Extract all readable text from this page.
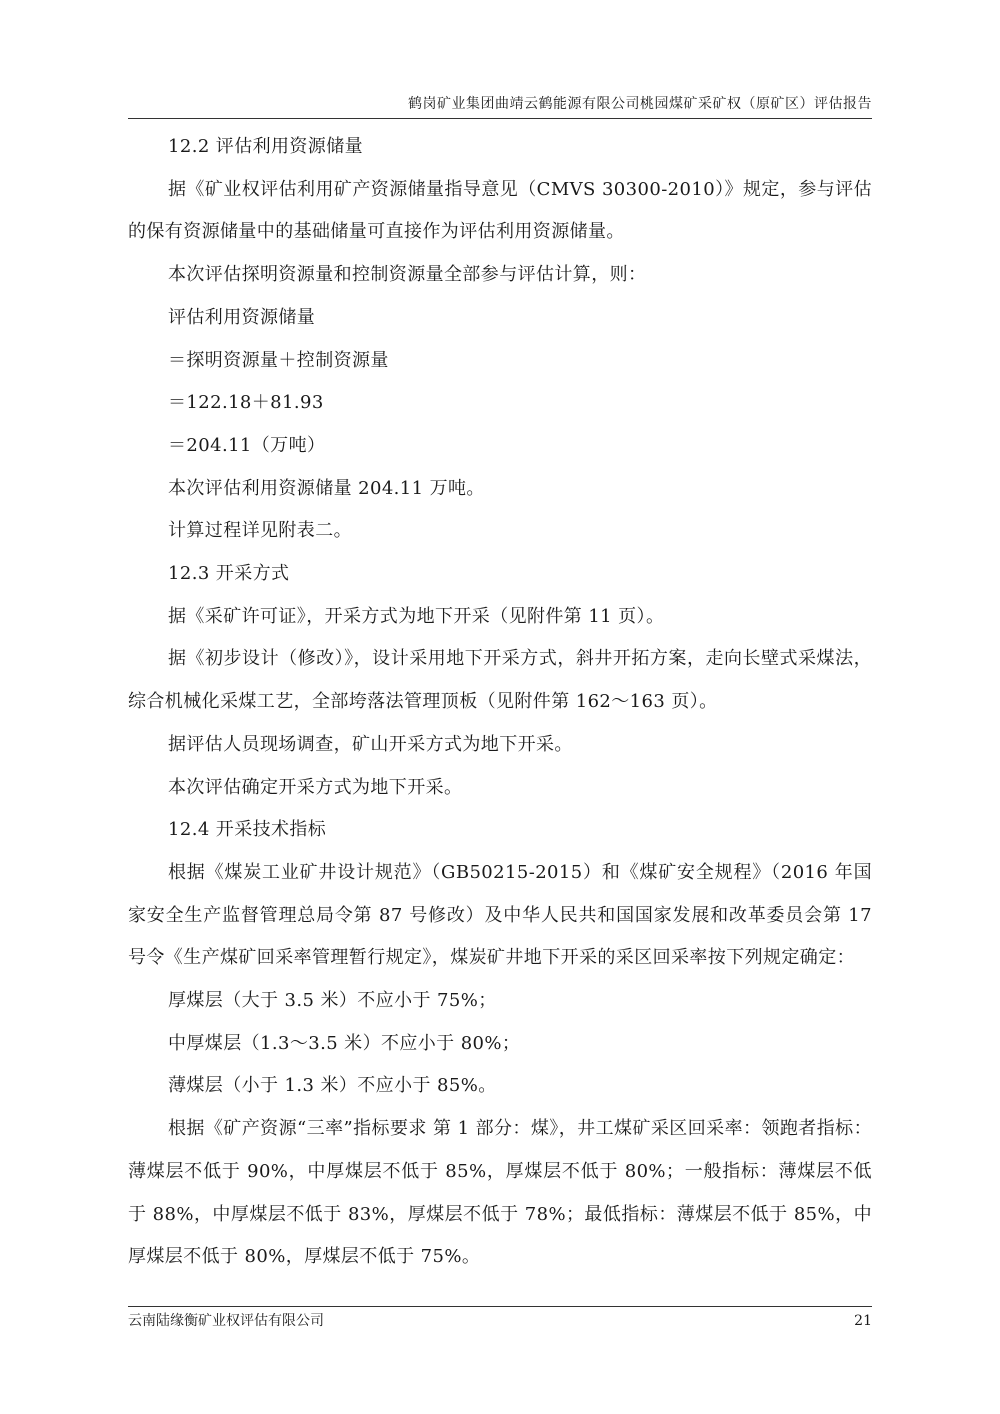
鹤岗矿业集团曲靖云鹤能源有限公司桃园煤矿采矿权（原矿区）评估报告

12.2 评估利用资源储量

据《矿业权评估利用矿产资源储量指导意见（CMVS 30300-2010）》规定，参与评估的保有资源储量中的基础储量可直接作为评估利用资源储量。

本次评估探明资源量和控制资源量全部参与评估计算，则：

评估利用资源储量

＝探明资源量＋控制资源量

＝122.18＋81.93

＝204.11（万吨）

本次评估利用资源储量 204.11 万吨。

计算过程详见附表二。

12.3 开采方式

据《采矿许可证》，开采方式为地下开采（见附件第 11 页）。

据《初步设计（修改）》，设计采用地下开采方式，斜井开拓方案，走向长壁式采煤法，综合机械化采煤工艺，全部垮落法管理顶板（见附件第 162～163 页）。

据评估人员现场调查，矿山开采方式为地下开采。

本次评估确定开采方式为地下开采。

12.4 开采技术指标

根据《煤炭工业矿井设计规范》（GB50215-2015）和《煤矿安全规程》（2016 年国家安全生产监督管理总局令第 87 号修改）及中华人民共和国国家发展和改革委员会第 17 号令《生产煤矿回采率管理暂行规定》，煤炭矿井地下开采的采区回采率按下列规定确定：

厚煤层（大于 3.5 米）不应小于 75%；

中厚煤层（1.3～3.5 米）不应小于 80%；

薄煤层（小于 1.3 米）不应小于 85%。

根据《矿产资源“三率”指标要求 第 1 部分：煤》，井工煤矿采区回采率：领跑者指标：薄煤层不低于 90%，中厚煤层不低于 85%，厚煤层不低于 80%；一般指标：薄煤层不低于 88%，中厚煤层不低于 83%，厚煤层不低于 78%；最低指标：薄煤层不低于 85%，中厚煤层不低于 80%，厚煤层不低于 75%。

云南陆缘衡矿业权评估有限公司	21
